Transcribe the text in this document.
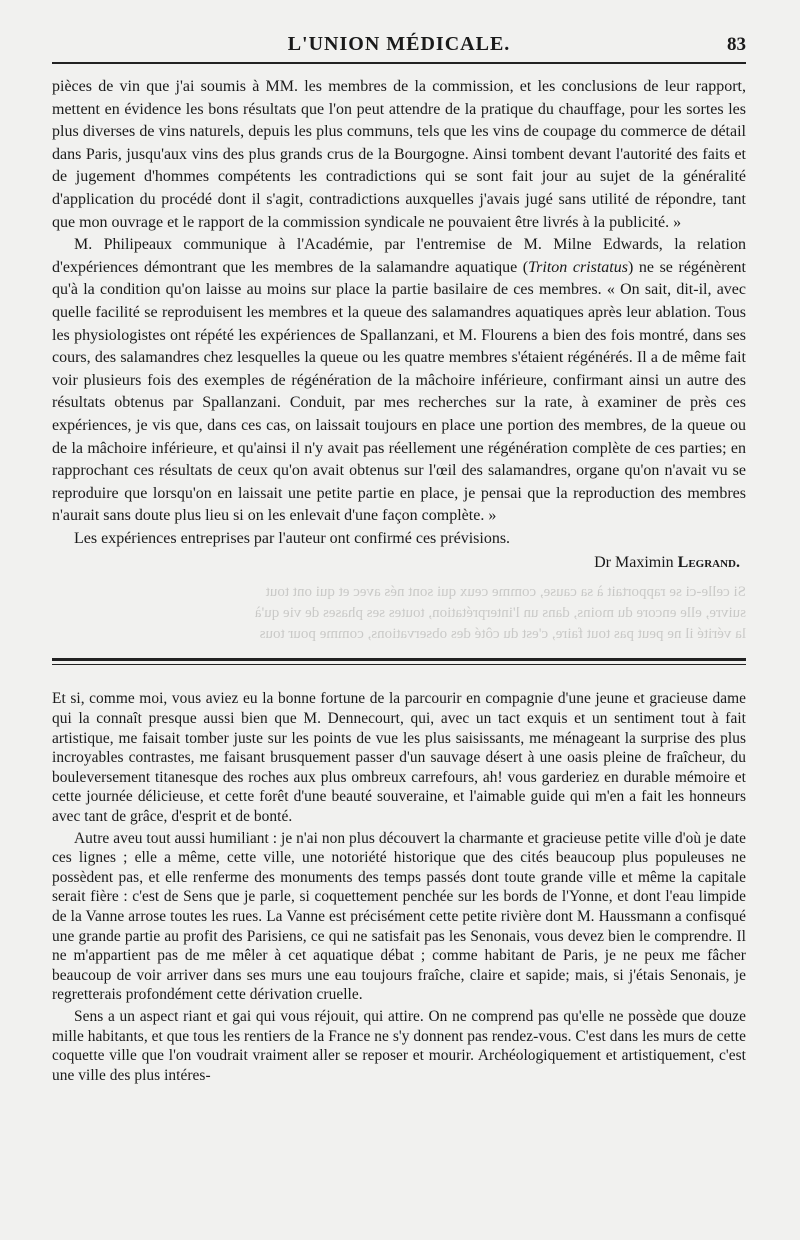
L'UNION MÉDICALE.	83

pièces de vin que j'ai soumis à MM. les membres de la commission, et les conclusions de leur rapport, mettent en évidence les bons résultats que l'on peut attendre de la pratique du chauffage, pour les sortes les plus diverses de vins naturels, depuis les plus communs, tels que les vins de coupage du commerce de détail dans Paris, jusqu'aux vins des plus grands crus de la Bourgogne. Ainsi tombent devant l'autorité des faits et de jugement d'hommes compétents les contradictions qui se sont fait jour au sujet de la généralité d'application du procédé dont il s'agit, contradictions auxquelles j'avais jugé sans utilité de répondre, tant que mon ouvrage et le rapport de la commission syndicale ne pouvaient être livrés à la publicité. »

M. Philipeaux communique à l'Académie, par l'entremise de M. Milne Edwards, la relation d'expériences démontrant que les membres de la salamandre aquatique (Triton cristatus) ne se régénèrent qu'à la condition qu'on laisse au moins sur place la partie basilaire de ces membres. « On sait, dit-il, avec quelle facilité se reproduisent les membres et la queue des salamandres aquatiques après leur ablation. Tous les physiologistes ont répété les expériences de Spallanzani, et M. Flourens a bien des fois montré, dans ses cours, des salamandres chez lesquelles la queue ou les quatre membres s'étaient régénérés. Il a de même fait voir plusieurs fois des exemples de régénération de la mâchoire inférieure, confirmant ainsi un autre des résultats obtenus par Spallanzani. Conduit, par mes recherches sur la rate, à examiner de près ces expériences, je vis que, dans ces cas, on laissait toujours en place une portion des membres, de la queue ou de la mâchoire inférieure, et qu'ainsi il n'y avait pas réellement une régénération complète de ces parties; en rapprochant ces résultats de ceux qu'on avait obtenus sur l'œil des salamandres, organe qu'on n'avait vu se reproduire que lorsqu'on en laissait une petite partie en place, je pensai que la reproduction des membres n'aurait sans doute plus lieu si on les enlevait d'une façon complète. »

Les expériences entreprises par l'auteur ont confirmé ces prévisions.

Dr Maximin Legrand.
Si celle-ci se rapportait à sa cause, comme ceux qui sont nés avec et qui ont tout
suivre, elle encore du moins, dans un l'interprétation, toutes ses phases de vie qu'à
la vérité il ne peut pas tout faire, c'est du côté des observations, comme pour tous

Et si, comme moi, vous aviez eu la bonne fortune de la parcourir en compagnie d'une jeune et gracieuse dame qui la connaît presque aussi bien que M. Dennecourt, qui, avec un tact exquis et un sentiment tout à fait artistique, me faisait tomber juste sur les points de vue les plus saisissants, me ménageant la surprise des plus incroyables contrastes, me faisant brusquement passer d'un sauvage désert à une oasis pleine de fraîcheur, du bouleversement titanesque des roches aux plus ombreux carrefours, ah! vous garderiez en durable mémoire et cette journée délicieuse, et cette forêt d'une beauté souveraine, et l'aimable guide qui m'en a fait les honneurs avec tant de grâce, d'esprit et de bonté.

Autre aveu tout aussi humiliant : je n'ai non plus découvert la charmante et gracieuse petite ville d'où je date ces lignes ; elle a même, cette ville, une notoriété historique que des cités beaucoup plus populeuses ne possèdent pas, et elle renferme des monuments des temps passés dont toute grande ville et même la capitale serait fière : c'est de Sens que je parle, si coquettement penchée sur les bords de l'Yonne, et dont l'eau limpide de la Vanne arrose toutes les rues. La Vanne est précisément cette petite rivière dont M. Haussmann a confisqué une grande partie au profit des Parisiens, ce qui ne satisfait pas les Senonais, vous devez bien le comprendre. Il ne m'appartient pas de me mêler à cet aquatique débat ; comme habitant de Paris, je ne peux me fâcher beaucoup de voir arriver dans ses murs une eau toujours fraîche, claire et sapide; mais, si j'étais Senonais, je regretterais profondément cette dérivation cruelle.

Sens a un aspect riant et gai qui vous réjouit, qui attire. On ne comprend pas qu'elle ne possède que douze mille habitants, et que tous les rentiers de la France ne s'y donnent pas rendez-vous. C'est dans les murs de cette coquette ville que l'on voudrait vraiment aller se reposer et mourir. Archéologiquement et artistiquement, c'est une ville des plus intéres-
